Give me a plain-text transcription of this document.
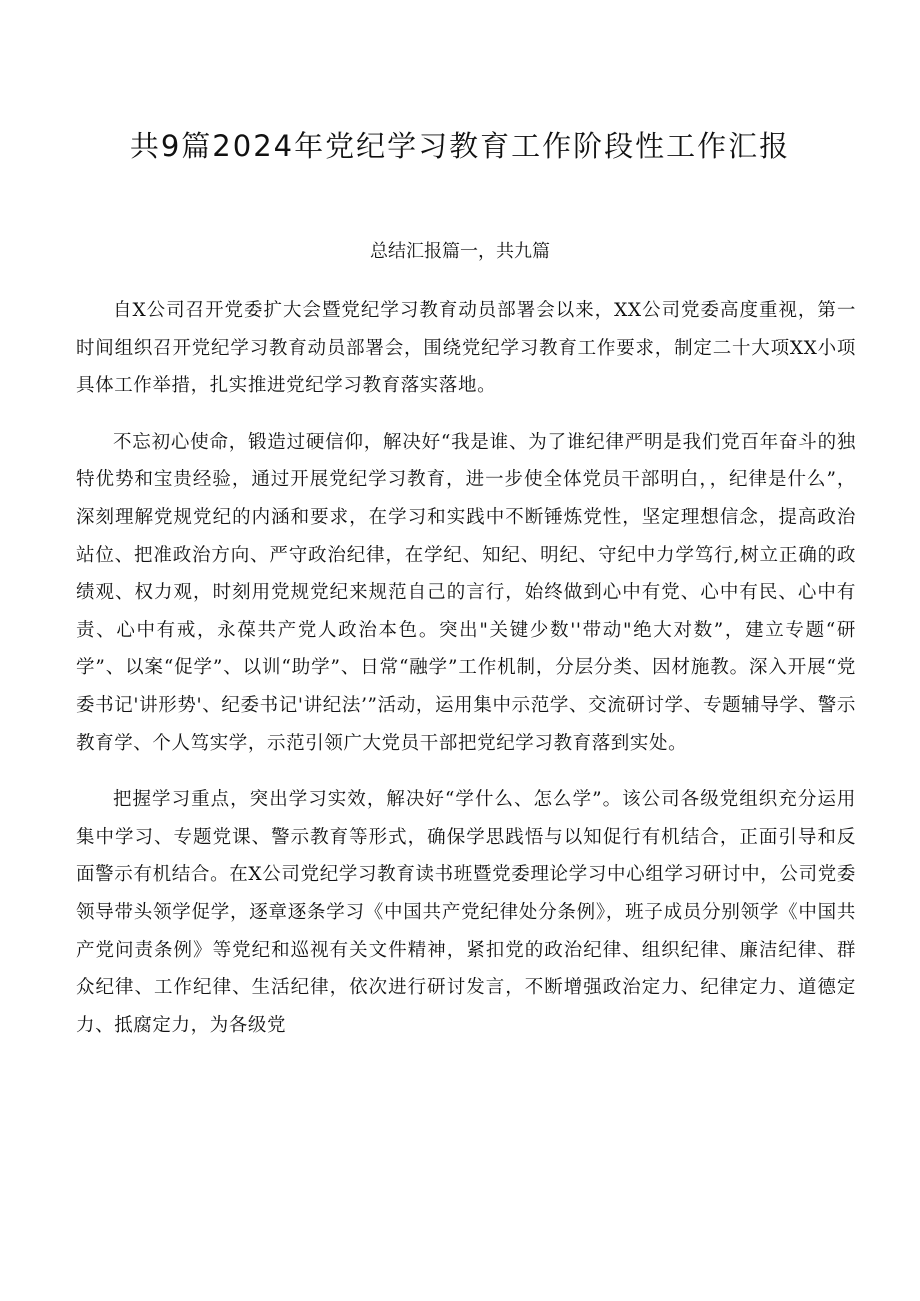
共9篇2024年党纪学习教育工作阶段性工作汇报
总结汇报篇一，共九篇

自X公司召开党委扩大会暨党纪学习教育动员部署会以来，XX公司党委高度重视，第一时间组织召开党纪学习教育动员部署会，围绕党纪学习教育工作要求，制定二十大项XX小项具体工作举措，扎实推进党纪学习教育落实落地。

不忘初心使命，锻造过硬信仰，解决好“我是谁、为了谁纪律严明是我们党百年奋斗的独特优势和宝贵经验，通过开展党纪学习教育，进一步使全体党员干部明白，，纪律是什么”，深刻理解党规党纪的内涵和要求，在学习和实践中不断锤炼党性，坚定理想信念，提高政治站位、把准政治方向、严守政治纪律，在学纪、知纪、明纪、守纪中力学笃行,树立正确的政绩观、权力观，时刻用党规党纪来规范自己的言行，始终做到心中有党、心中有民、心中有责、心中有戒，永葆共产党人政治本色。突出"关键少数''带动"绝大对数”，建立专题“研学”、以案“促学”、以训“助学”、日常“融学”工作机制，分层分类、因材施教。深入开展“党委书记'讲形势'、纪委书记'讲纪法’”活动，运用集中示范学、交流研讨学、专题辅导学、警示教育学、个人笃实学，示范引领广大党员干部把党纪学习教育落到实处。

把握学习重点，突出学习实效，解决好“学什么、怎么学”。该公司各级党组织充分运用集中学习、专题党课、警示教育等形式，确保学思践悟与以知促行有机结合，正面引导和反面警示有机结合。在X公司党纪学习教育读书班暨党委理论学习中心组学习研讨中，公司党委领导带头领学促学，逐章逐条学习《中国共产党纪律处分条例》，班子成员分别领学《中国共产党问责条例》等党纪和巡视有关文件精神，紧扣党的政治纪律、组织纪律、廉洁纪律、群众纪律、工作纪律、生活纪律，依次进行研讨发言，不断增强政治定力、纪律定力、道德定力、抵腐定力，为各级党
